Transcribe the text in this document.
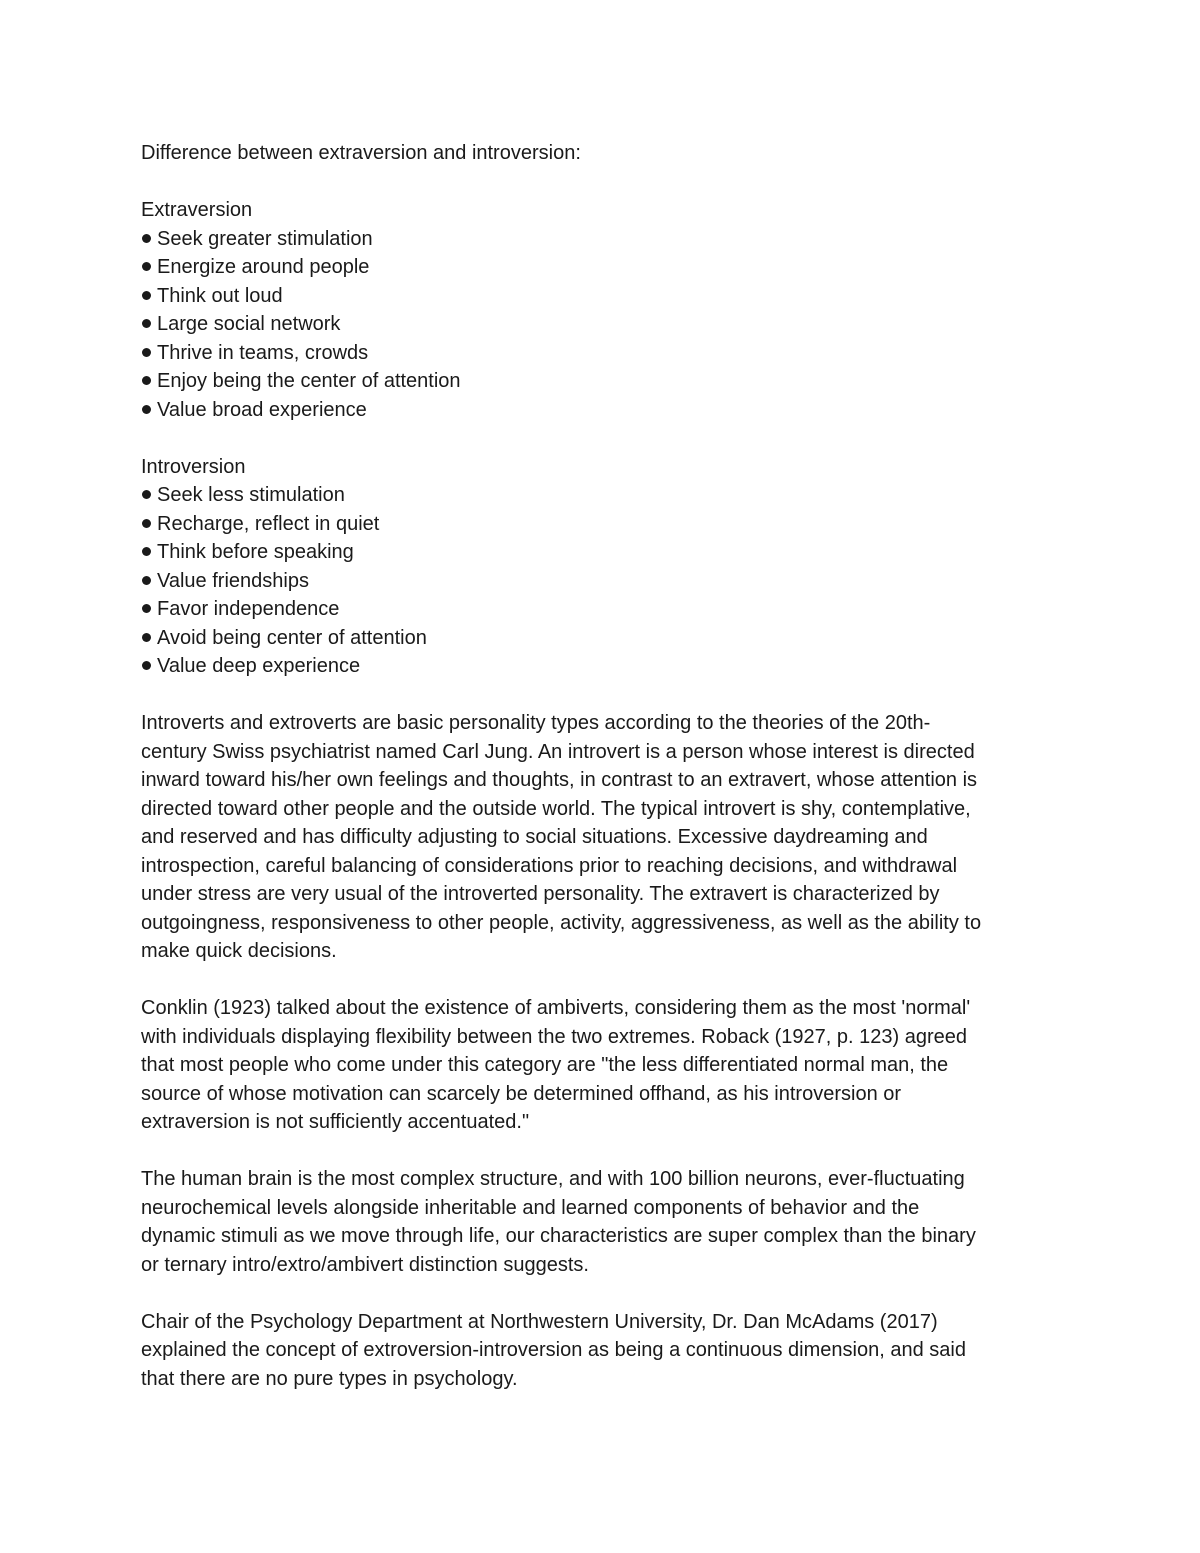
Difference between extraversion and introversion:
Extraversion
Seek greater stimulation
Energize around people
Think out loud
Large social network
Thrive in teams, crowds
Enjoy being the center of attention
Value broad experience
Introversion
Seek less stimulation
Recharge, reflect in quiet
Think before speaking
Value friendships
Favor independence
Avoid being center of attention
Value deep experience
Introverts and extroverts are basic personality types according to the theories of the 20th-
century Swiss psychiatrist named Carl Jung. An introvert is a person whose interest is directed
inward toward his/her own feelings and thoughts, in contrast to an extravert, whose attention is
directed toward other people and the outside world. The typical introvert is shy, contemplative,
and reserved and has difficulty adjusting to social situations. Excessive daydreaming and
introspection, careful balancing of considerations prior to reaching decisions, and withdrawal
under stress are very usual of the introverted personality. The extravert is characterized by
outgoingness, responsiveness to other people, activity, aggressiveness, as well as the ability to
make quick decisions.
Conklin (1923) talked about the existence of ambiverts, considering them as the most 'normal'
with individuals displaying flexibility between the two extremes. Roback (1927, p. 123) agreed
that most people who come under this category are "the less differentiated normal man, the
source of whose motivation can scarcely be determined offhand, as his introversion or
extraversion is not sufficiently accentuated."
The human brain is the most complex structure, and with 100 billion neurons, ever-fluctuating
neurochemical levels alongside inheritable and learned components of behavior and the
dynamic stimuli as we move through life, our characteristics are super complex than the binary
or ternary intro/extro/ambivert distinction suggests.
Chair of the Psychology Department at Northwestern University, Dr. Dan McAdams (2017)
explained the concept of extroversion-introversion as being a continuous dimension, and said
that there are no pure types in psychology.
